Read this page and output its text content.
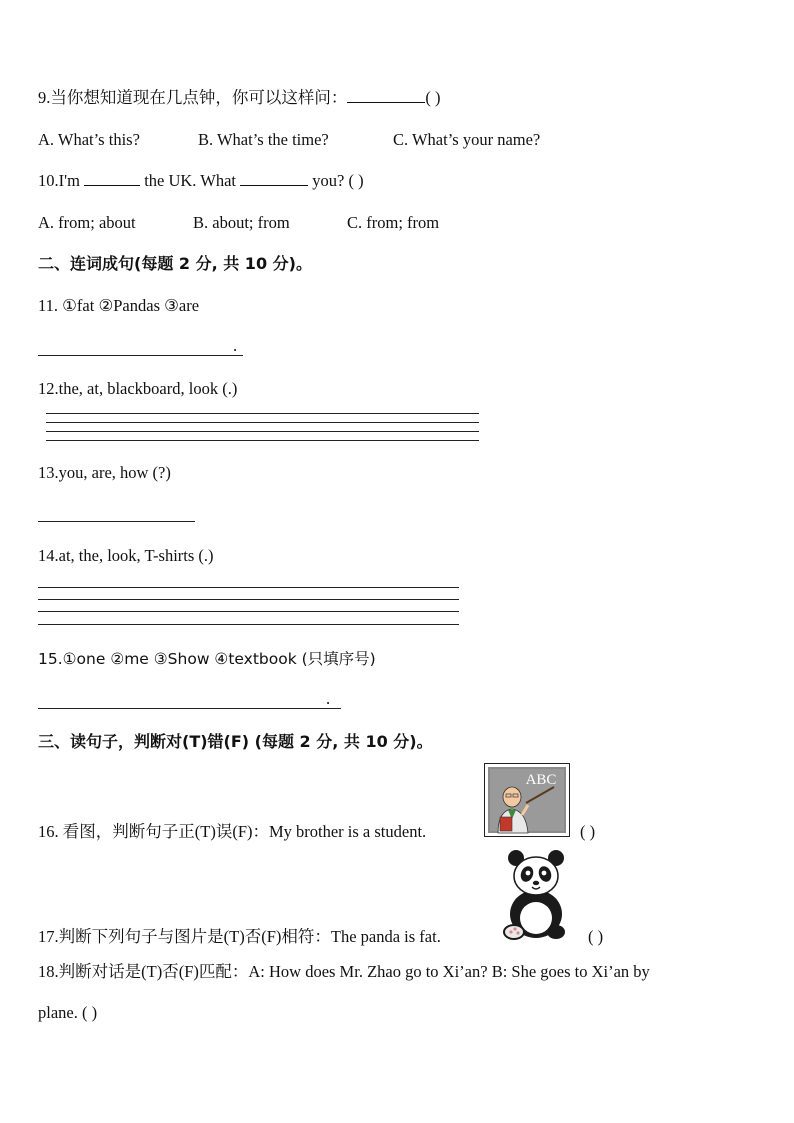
9.当你想知道现在几点钟，你可以这样问：	( )
A. What’s this?	B. What’s the time?	C. What’s your name?
10.I'm	the UK. What	you? ( )
A. from; about	B. about; from	C. from; from
二、连词成句(每题 2 分, 共 10 分)。
11. ①fat ②Pandas ③are
.
12.the, at, blackboard, look (.)
13.you, are, how (?)
14.at, the, look, T-shirts (.)
15.①one ②me ③Show ④textbook (只填序号)
.
三、读句子，判断对(T)错(F) (每题 2 分, 共 10 分)。
16. 看图，判断句子正(T)误(F)：My brother is a student.
ABC
( )
17.判断下列句子与图片是(T)否(F)相符：The panda is fat.	( )
18.判断对话是(T)否(F)匹配：A: How does Mr. Zhao go to Xi’an? B: She goes to Xi’an by
plane. ( )
